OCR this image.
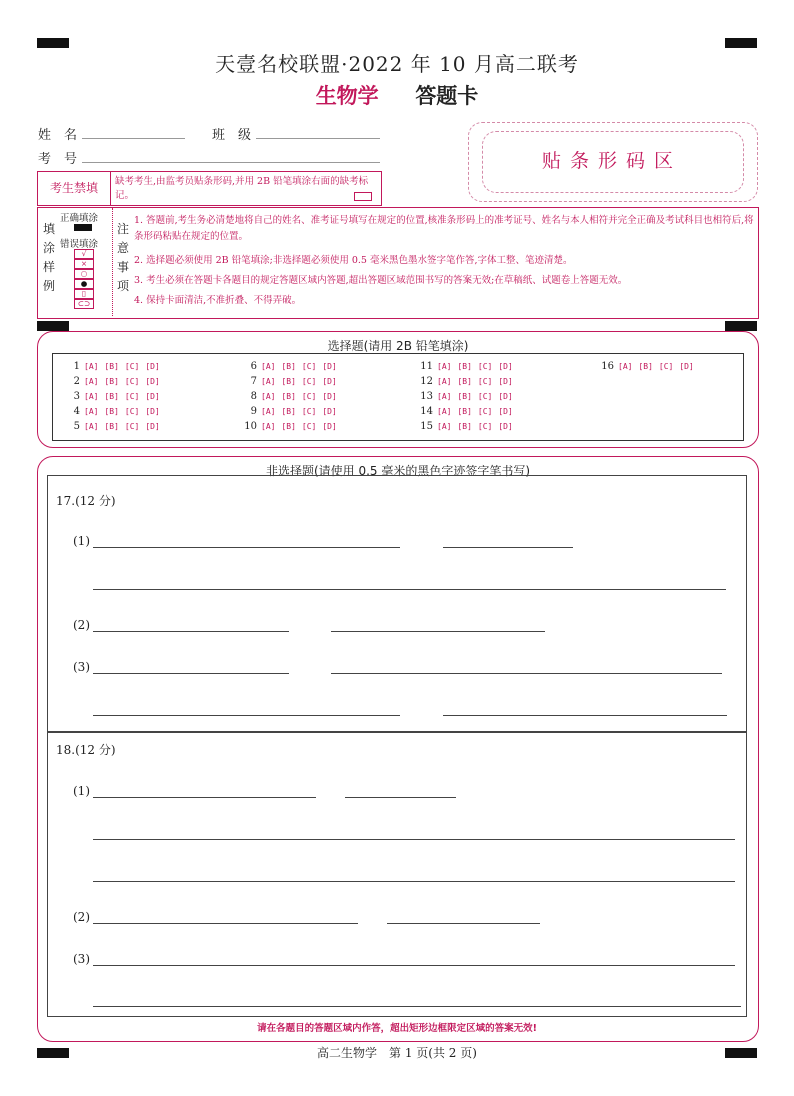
天壹名校联盟·2022 年 10 月高二联考
生物学 答题卡
姓　名	班　级
考　号	贴条形码区
考生禁填	缺考考生,由监考员贴条形码,并用 2B 铅笔填涂右面的缺考标记。
填
涂
样
例
正确填涂
错误填涂
√
×
○
●
▯
⊂⊃
注
意
事
项
1. 答题前,考生务必清楚地将自己的姓名、准考证号填写在规定的位置,核准条形码上的准考证号、姓名与本人相符并完全正确及考试科目也相符后,将条形码粘贴在规定的位置。
2. 选择题必须使用 2B 铅笔填涂;非选择题必须使用 0.5 毫米黑色墨水签字笔作答,字体工整、笔迹清楚。
3. 考生必须在答题卡各题目的规定答题区域内答题,超出答题区域范围书写的答案无效;在草稿纸、试题卷上答题无效。
4. 保持卡面清洁,不准折叠、不得弄破。
选择题(请用 2B 铅笔填涂)
1 [A] [B] [C] [D]
2 [A] [B] [C] [D]
3 [A] [B] [C] [D]
4 [A] [B] [C] [D]
5 [A] [B] [C] [D]
6 [A] [B] [C] [D]
7 [A] [B] [C] [D]
8 [A] [B] [C] [D]
9 [A] [B] [C] [D]
10 [A] [B] [C] [D]
11 [A] [B] [C] [D]
12 [A] [B] [C] [D]
13 [A] [B] [C] [D]
14 [A] [B] [C] [D]
15 [A] [B] [C] [D]
16 [A] [B] [C] [D]
非选择题(请使用 0.5 毫米的黑色字迹签字笔书写)
17.(12 分)
(1)
(2)
(3)
18.(12 分)
(1)
(2)
(3)
请在各题目的答题区域内作答，超出矩形边框限定区域的答案无效!
高二生物学　第 1 页(共 2 页)
